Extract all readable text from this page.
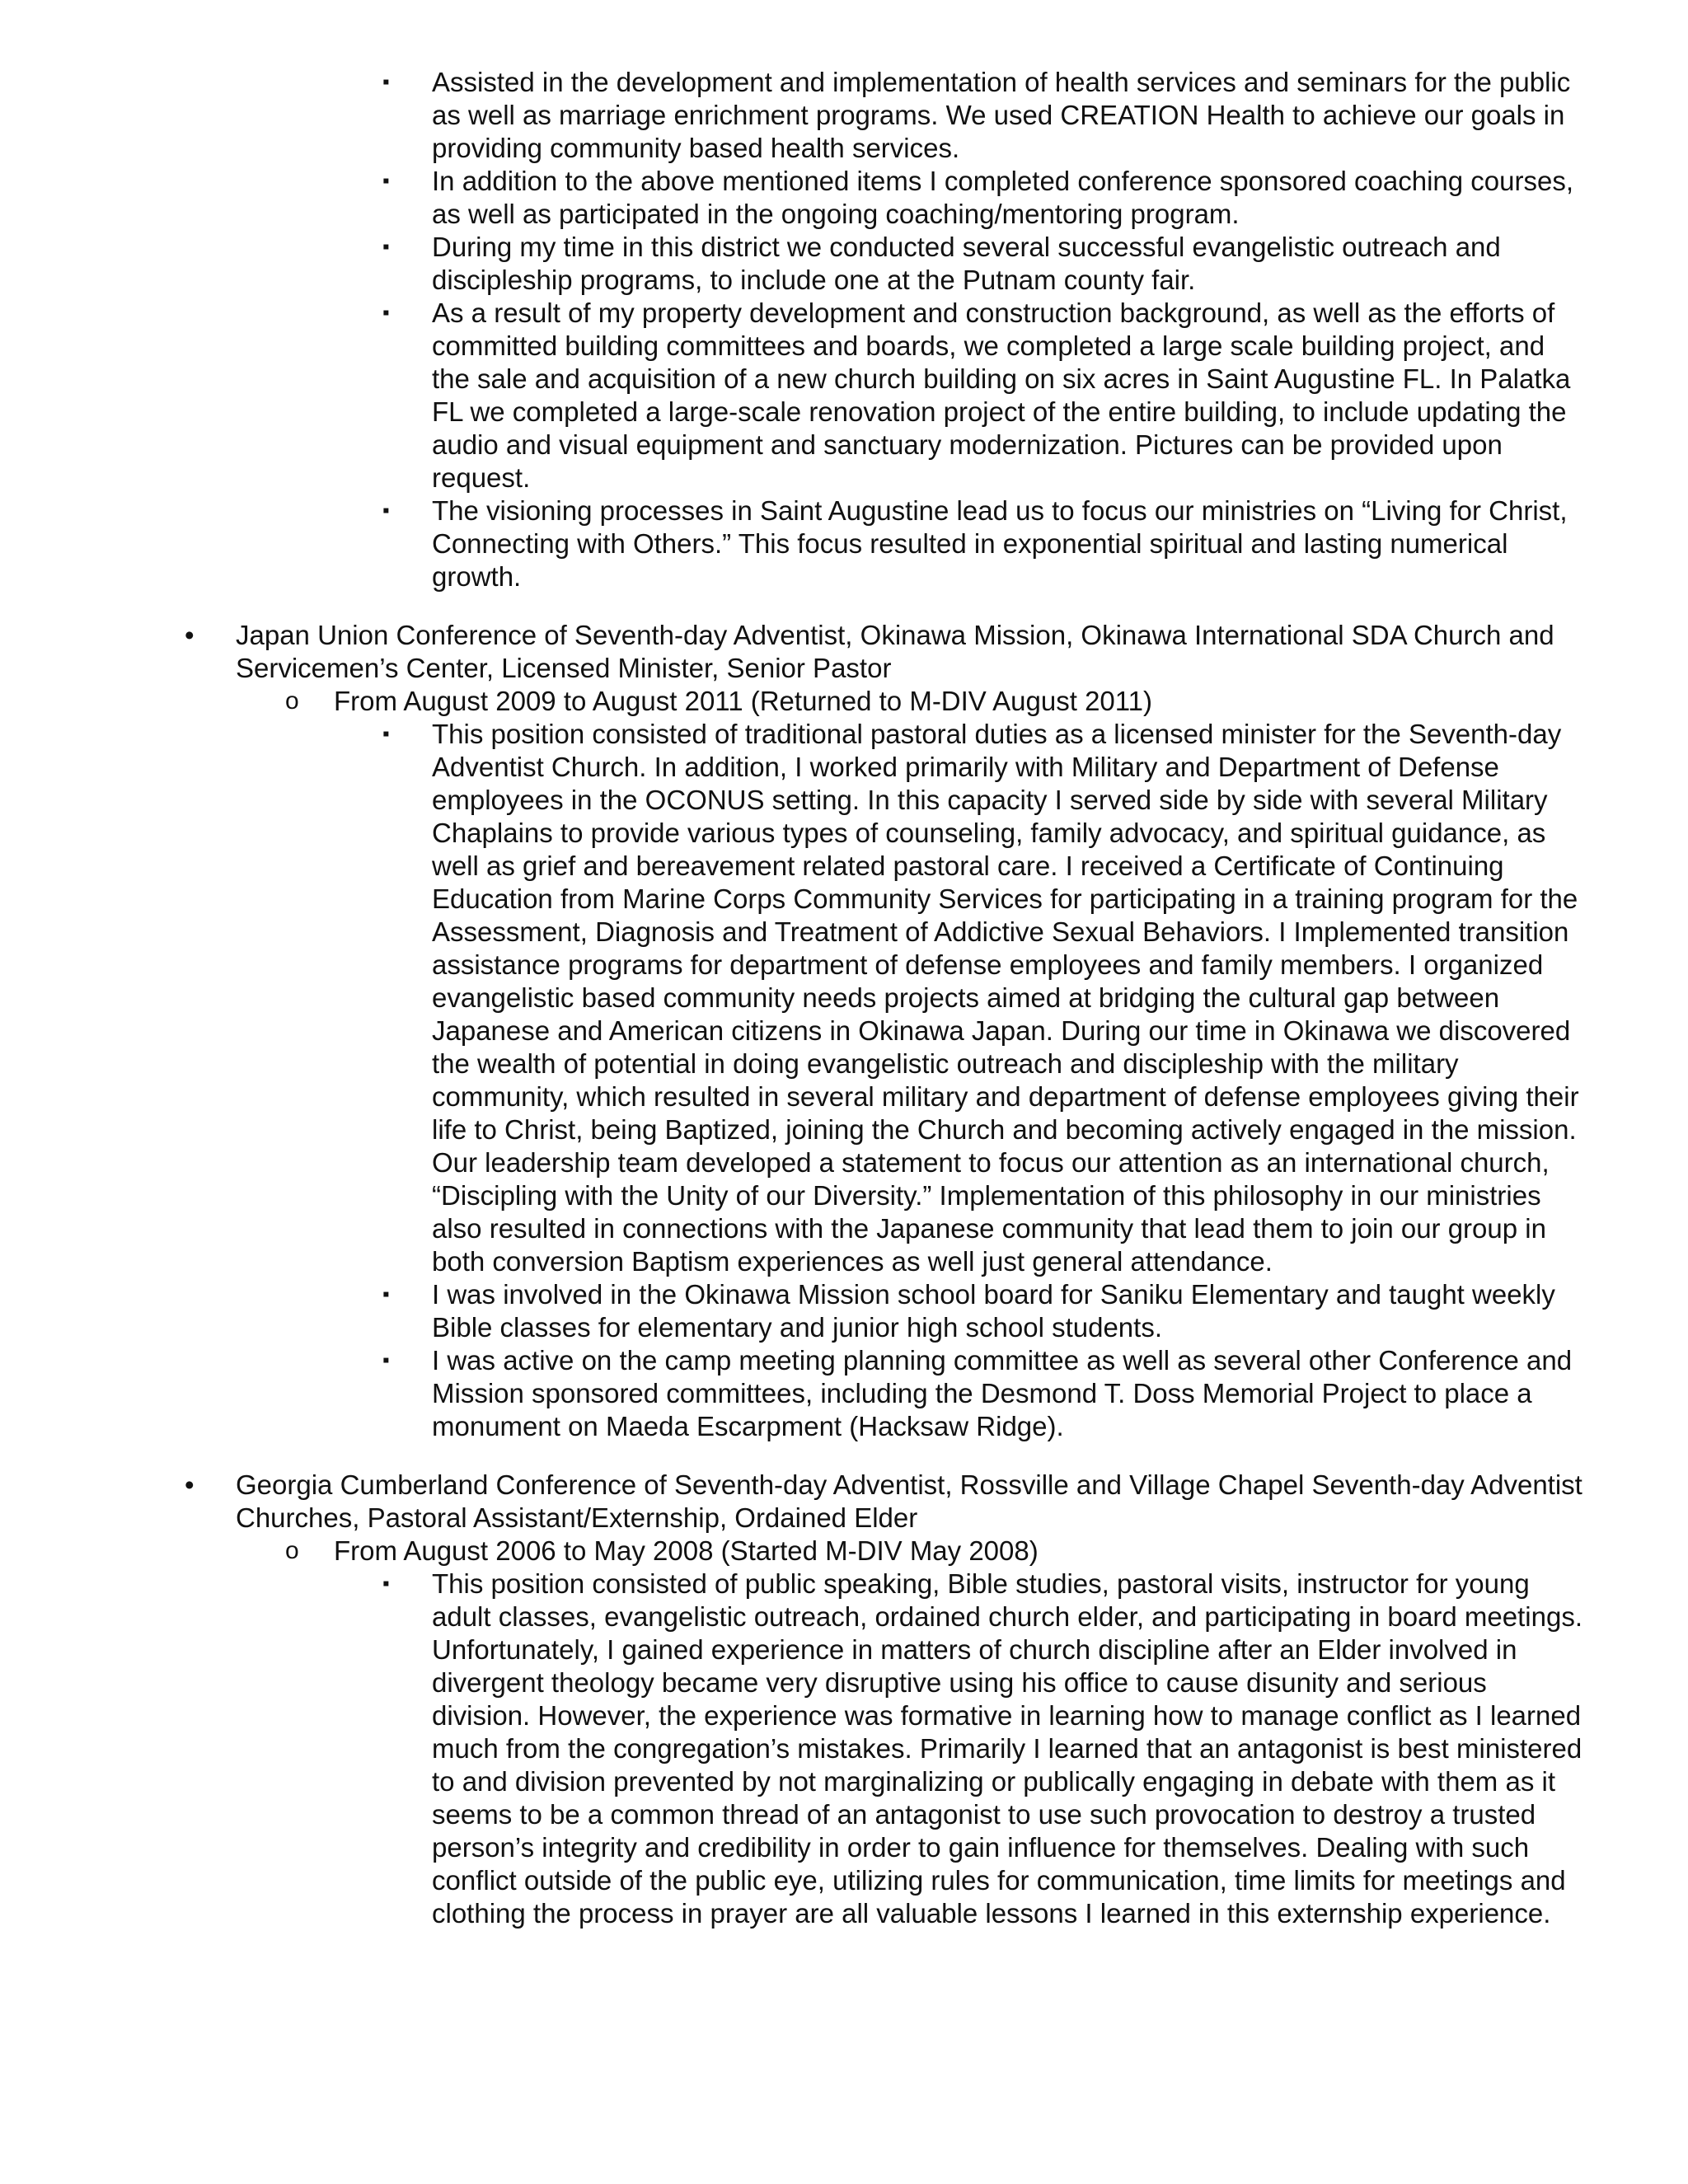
▪ Assisted in the development and implementation of health services and seminars for the public as well as marriage enrichment programs. We used CREATION Health to achieve our goals in providing community based health services.
▪ In addition to the above mentioned items I completed conference sponsored coaching courses, as well as participated in the ongoing coaching/mentoring program.
▪ During my time in this district we conducted several successful evangelistic outreach and discipleship programs, to include one at the Putnam county fair.
▪ As a result of my property development and construction background, as well as the efforts of committed building committees and boards, we completed a large scale building project, and the sale and acquisition of a new church building on six acres in Saint Augustine FL. In Palatka FL we completed a large-scale renovation project of the entire building, to include updating the audio and visual equipment and sanctuary modernization. Pictures can be provided upon request.
▪ The visioning processes in Saint Augustine lead us to focus our ministries on “Living for Christ, Connecting with Others.” This focus resulted in exponential spiritual and lasting numerical growth.
• Japan Union Conference of Seventh-day Adventist, Okinawa Mission, Okinawa International SDA Church and Servicemen’s Center, Licensed Minister, Senior Pastor
o From August 2009 to August 2011 (Returned to M-DIV August 2011)
▪ This position consisted of traditional pastoral duties as a licensed minister for the Seventh-day Adventist Church. In addition, I worked primarily with Military and Department of Defense employees in the OCONUS setting. In this capacity I served side by side with several Military Chaplains to provide various types of counseling, family advocacy, and spiritual guidance, as well as grief and bereavement related pastoral care. I received a Certificate of Continuing Education from Marine Corps Community Services for participating in a training program for the Assessment, Diagnosis and Treatment of Addictive Sexual Behaviors. I Implemented transition assistance programs for department of defense employees and family members. I organized evangelistic based community needs projects aimed at bridging the cultural gap between Japanese and American citizens in Okinawa Japan. During our time in Okinawa we discovered the wealth of potential in doing evangelistic outreach and discipleship with the military community, which resulted in several military and department of defense employees giving their life to Christ, being Baptized, joining the Church and becoming actively engaged in the mission. Our leadership team developed a statement to focus our attention as an international church, “Discipling with the Unity of our Diversity.” Implementation of this philosophy in our ministries also resulted in connections with the Japanese community that lead them to join our group in both conversion Baptism experiences as well just general attendance.
▪ I was involved in the Okinawa Mission school board for Saniku Elementary and taught weekly Bible classes for elementary and junior high school students.
▪ I was active on the camp meeting planning committee as well as several other Conference and Mission sponsored committees, including the Desmond T. Doss Memorial Project to place a monument on Maeda Escarpment (Hacksaw Ridge).
• Georgia Cumberland Conference of Seventh-day Adventist, Rossville and Village Chapel Seventh-day Adventist Churches, Pastoral Assistant/Externship, Ordained Elder
o From August 2006 to May 2008 (Started M-DIV May 2008)
▪ This position consisted of public speaking, Bible studies, pastoral visits, instructor for young adult classes, evangelistic outreach, ordained church elder, and participating in board meetings. Unfortunately, I gained experience in matters of church discipline after an Elder involved in divergent theology became very disruptive using his office to cause disunity and serious division. However, the experience was formative in learning how to manage conflict as I learned much from the congregation’s mistakes. Primarily I learned that an antagonist is best ministered to and division prevented by not marginalizing or publically engaging in debate with them as it seems to be a common thread of an antagonist to use such provocation to destroy a trusted person’s integrity and credibility in order to gain influence for themselves. Dealing with such conflict outside of the public eye, utilizing rules for communication, time limits for meetings and clothing the process in prayer are all valuable lessons I learned in this externship experience.
